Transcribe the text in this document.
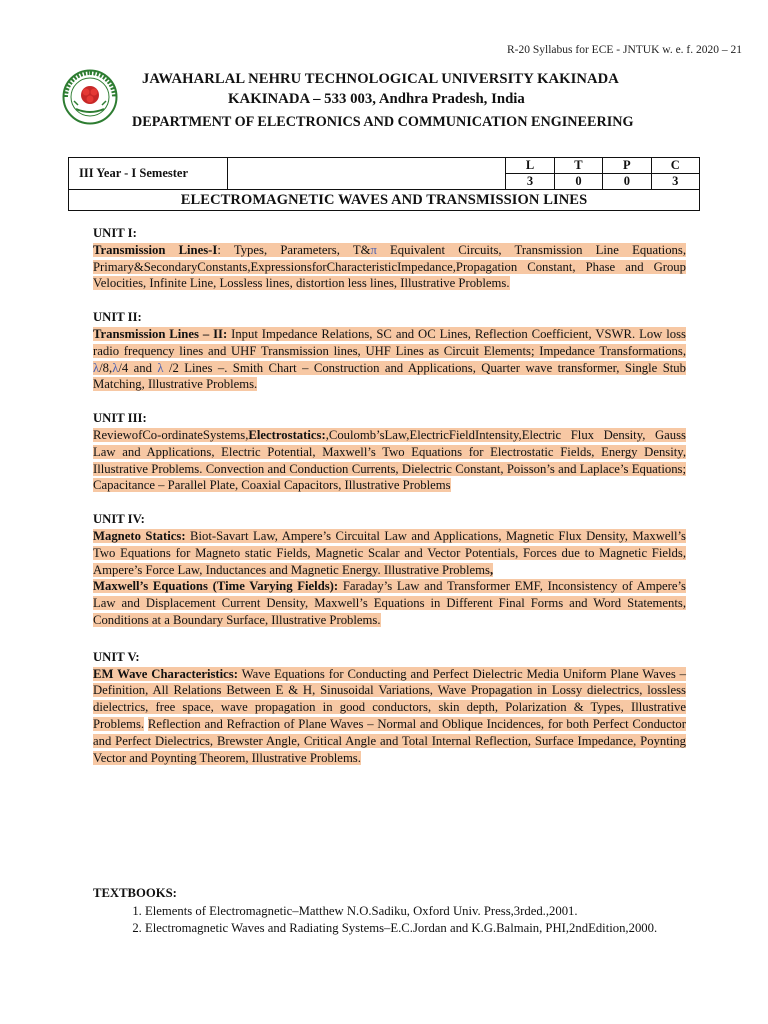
R-20 Syllabus for ECE - JNTUK w. e. f. 2020 – 21
JAWAHARLAL NEHRU TECHNOLOGICAL UNIVERSITY KAKINADA
KAKINADA – 533 003, Andhra Pradesh, India
DEPARTMENT OF ELECTRONICS AND COMMUNICATION ENGINEERING
III Year - I Semester		L	T	P	C
		3	0	0	3
ELECTROMAGNETIC WAVES AND TRANSMISSION LINES					

UNIT I:

Transmission Lines-I: Types, Parameters, T&π Equivalent Circuits, Transmission Line Equations, Primary&SecondaryConstants,ExpressionsforCharacteristicImpedance,Propagation Constant, Phase and Group Velocities, Infinite Line, Lossless lines, distortion less lines, Illustrative Problems.

UNIT II:

Transmission Lines – II: Input Impedance Relations, SC and OC Lines, Reflection Coefficient, VSWR. Low loss radio frequency lines and UHF Transmission lines, UHF Lines as Circuit Elements; Impedance Transformations, λ/8,λ/4 and λ /2 Lines –. Smith Chart – Construction and Applications, Quarter wave transformer, Single Stub Matching, Illustrative Problems.

UNIT III:

ReviewofCo-ordinateSystems,Electrostatics:,Coulomb’sLaw,ElectricFieldIntensity,Electric Flux Density, Gauss Law and Applications, Electric Potential, Maxwell’s Two Equations for Electrostatic Fields, Energy Density, Illustrative Problems. Convection and Conduction Currents, Dielectric Constant, Poisson’s and Laplace’s Equations; Capacitance – Parallel Plate, Coaxial Capacitors, Illustrative Problems

UNIT IV:

Magneto Statics: Biot-Savart Law, Ampere’s Circuital Law and Applications, Magnetic Flux Density, Maxwell’s Two Equations for Magneto static Fields, Magnetic Scalar and Vector Potentials, Forces due to Magnetic Fields, Ampere’s Force Law, Inductances and Magnetic Energy. Illustrative Problems,

Maxwell’s Equations (Time Varying Fields): Faraday’s Law and Transformer EMF, Inconsistency of Ampere’s Law and Displacement Current Density, Maxwell’s Equations in Different Final Forms and Word Statements, Conditions at a Boundary Surface, Illustrative Problems.

UNIT V:

EM Wave Characteristics: Wave Equations for Conducting and Perfect Dielectric Media Uniform Plane Waves – Definition, All Relations Between E & H, Sinusoidal Variations, Wave Propagation in Lossy dielectrics, lossless dielectrics, free space, wave propagation in good conductors, skin depth, Polarization & Types, Illustrative Problems. Reflection and Refraction of Plane Waves – Normal and Oblique Incidences, for both Perfect Conductor and Perfect Dielectrics, Brewster Angle, Critical Angle and Total Internal Reflection, Surface Impedance, Poynting Vector and Poynting Theorem, Illustrative Problems.

TEXTBOOKS:

1. Elements of Electromagnetic–Matthew N.O.Sadiku, Oxford Univ. Press,3rded.,2001.
2. Electromagnetic Waves and Radiating Systems–E.C.Jordan and K.G.Balmain, PHI,2ndEdition,2000.
